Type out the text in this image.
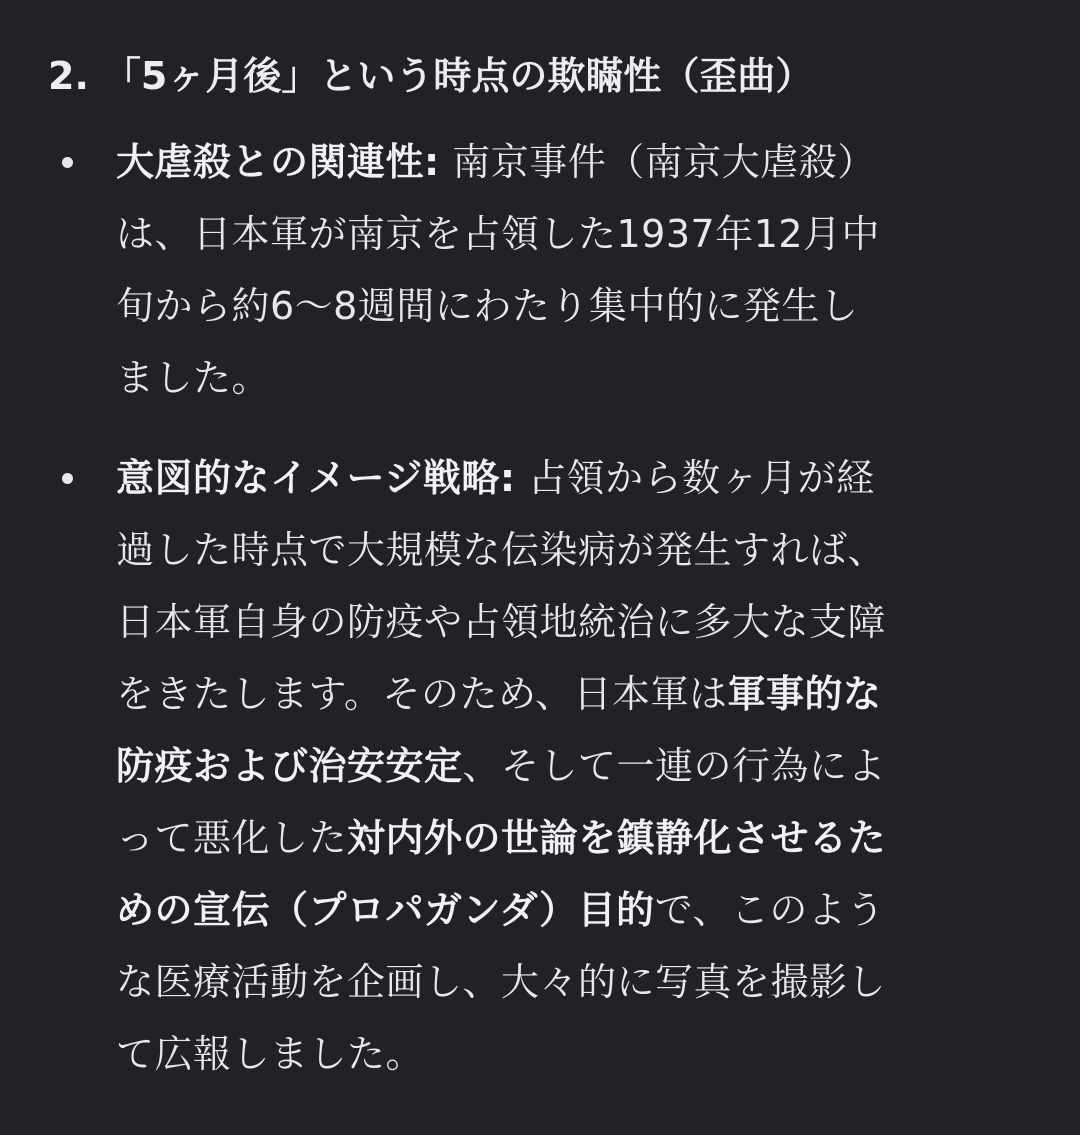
2. 「5ヶ月後」という時点の欺瞞性（歪曲）
大虐殺との関連性: 南京事件（南京大虐殺）
は、日本軍が南京を占領した1937年12月中
旬から約6〜8週間にわたり集中的に発生し
ました。
意図的なイメージ戦略: 占領から数ヶ月が経
過した時点で大規模な伝染病が発生すれば、
日本軍自身の防疫や占領地統治に多大な支障
をきたします。そのため、日本軍は軍事的な
防疫および治安安定、そして一連の行為によ
って悪化した対内外の世論を鎮静化させるた
めの宣伝（プロパガンダ）目的で、このよう
な医療活動を企画し、大々的に写真を撮影し
て広報しました。
